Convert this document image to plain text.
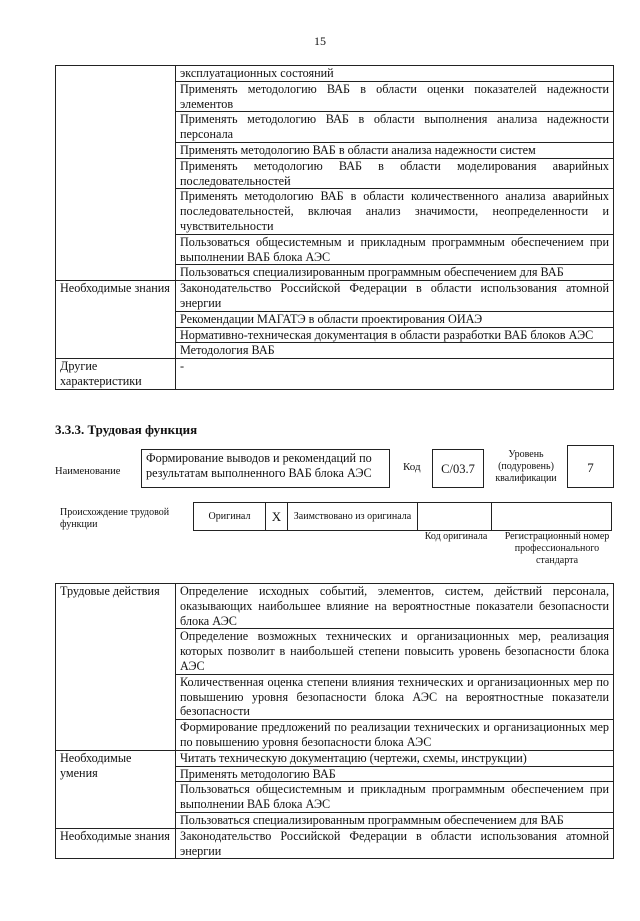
15
	эксплуатационных состояний
	Применять методологию ВАБ в области оценки показателей надежности элементов
	Применять методологию ВАБ в области выполнения анализа надежности персонала
	Применять методологию ВАБ в области анализа надежности систем
	Применять методологию ВАБ в области моделирования аварийных последовательностей
	Применять методологию ВАБ в области количественного анализа аварийных последовательностей, включая анализ значимости, неопределенности и чувствительности
	Пользоваться общесистемным и прикладным программным обеспечением при выполнении ВАБ блока АЭС
	Пользоваться специализированным программным обеспечением для ВАБ
Необходимые знания	Законодательство Российской Федерации в области использования атомной энергии
	Рекомендации МАГАТЭ в области проектирования ОИАЭ
	Нормативно-техническая документация в области разработки ВАБ блоков АЭС
	Методология ВАБ
Другие характеристики	-
3.3.3. Трудовая функция
Наименование
Формирование выводов и рекомендаций по результатам выполненного ВАБ блока АЭС	Код	C/03.7
Уровень (подуровень) квалификации
7
Происхождение трудовой функции
Оригинал	X	Заимствовано из оригинала		
Код оригинала	Регистрационный номер профессионального стандарта
Трудовые действия	Определение исходных событий, элементов, систем, действий персонала, оказывающих наибольшее влияние на вероятностные показатели безопасности блока АЭС
	Определение возможных технических и организационных мер, реализация которых позволит в наибольшей степени повысить уровень безопасности блока АЭС
	Количественная оценка степени влияния технических и организационных мер по повышению уровня безопасности блока АЭС на вероятностные показатели безопасности
	Формирование предложений по реализации технических и организационных мер по повышению уровня безопасности блока АЭС
Необходимые умения	Читать техническую документацию (чертежи, схемы, инструкции)
	Применять методологию ВАБ
	Пользоваться общесистемным и прикладным программным обеспечением при выполнении ВАБ блока АЭС
	Пользоваться специализированным программным обеспечением для ВАБ
Необходимые знания	Законодательство Российской Федерации в области использования атомной энергии
